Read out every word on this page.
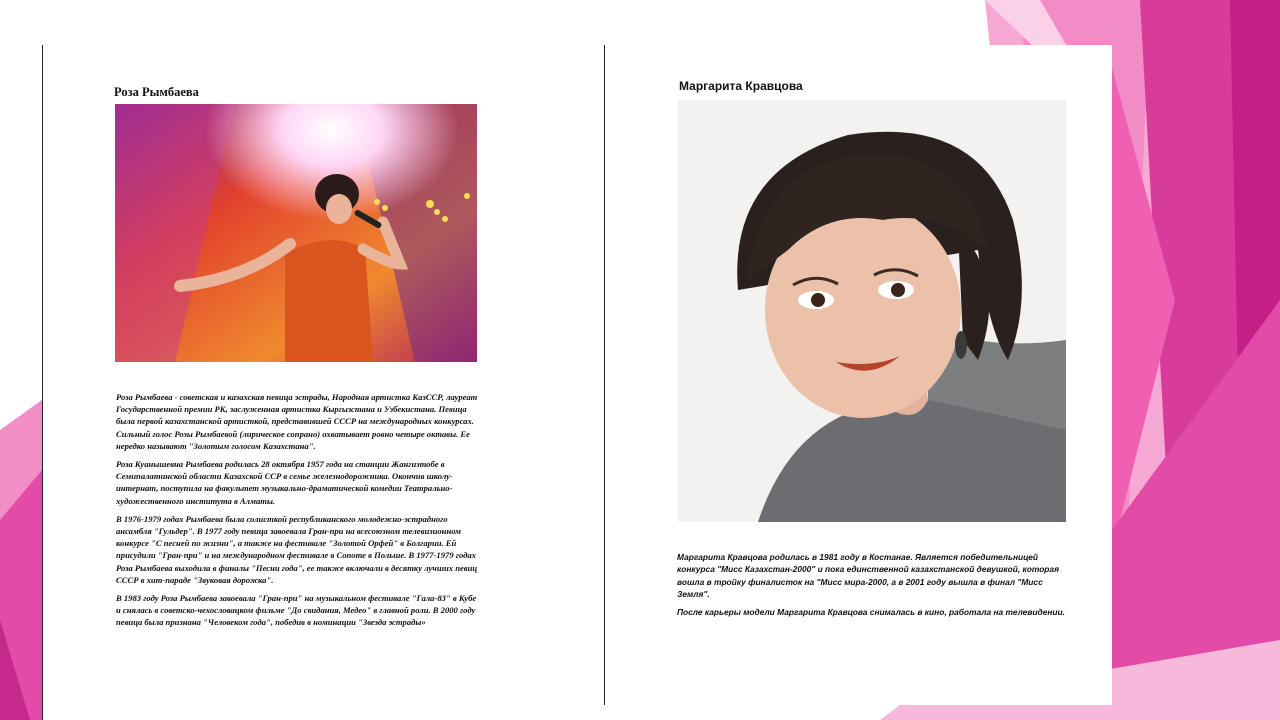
Роза Рымбаева

Роза Рымбаева - советская и казахская певица эстрады, Народная артистка КазССР, лауреат Государственной премии РК, заслуженная артистка Кыргызстана и Узбекистана. Певица была первой казахстанской артисткой, представившей СССР на международных конкурсах. Сильный голос Розы Рымбаевой (лирическое сопрано) охватывает ровно четыре октавы. Ее нередко называют "Золотым голосом Казахстана".

Роза Куанышевна Рымбаева родилась 28 октября 1957 года на станции Жангизтобе в Семипалатинской области Казахской ССР в семье железнодорожника. Окончив школу-интернат, поступила на факультет музыкально-драматической комедии Театрально-художественного института в Алматы.

В 1976-1979 годах Рымбаева была солисткой республиканского молодежно-эстрадного ансамбля "Гульдер". В 1977 году певица завоевала Гран-при на всесоюзном телевизионном конкурсе "С песней по жизни", а также на фестивале "Золотой Орфей" в Болгарии. Ей присудили "Гран-при" и на международном фестивале в Сопоте в Польше. В 1977-1979 годах Роза Рымбаева выходила в финалы "Песни года", ее также включали в десятку лучших певиц СССР в хит-параде "Звуковая дорожка".

В 1983 году Роза Рымбаева завоевала "Гран-при" на музыкальном фестивале "Гала-83" в Кубе и снялась в советско-чехословацком фильме "До свидания, Медео" в главной роли. В 2000 году певица была признана "Человеком года", победив в номинации "Звезда эстрады»

Маргарита Кравцова

Маргарита Кравцова родилась в 1981 году в Костанае. Является победительницей конкурса "Мисс Казахстан-2000" и пока единственной казахстанской девушкой, которая вошла в тройку финалисток на "Мисс мира-2000, а в 2001 году вышла в финал "Мисс Земля".

После карьеры модели Маргарита Кравцова снималась в кино, работала на телевидении.
